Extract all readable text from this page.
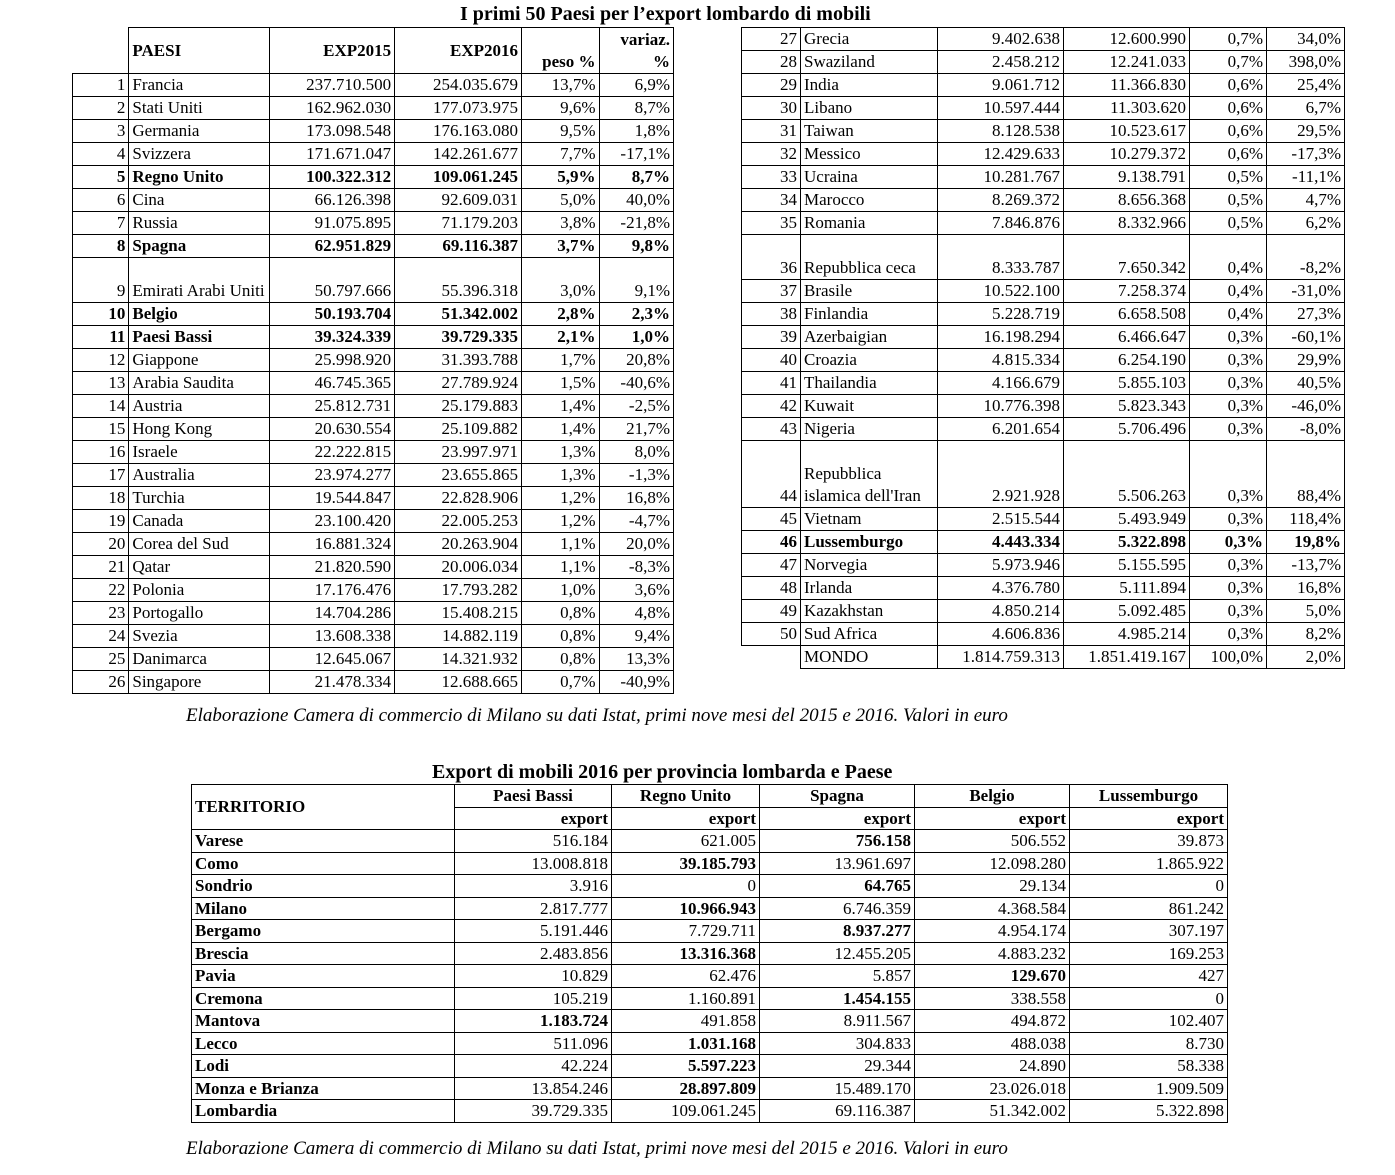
I primi 50 Paesi per l’export lombardo di mobili
	PAESI	EXP2015	EXP2016	peso %	variaz. %
1	Francia	237.710.500	254.035.679	13,7%	6,9%
2	Stati Uniti	162.962.030	177.073.975	9,6%	8,7%
3	Germania	173.098.548	176.163.080	9,5%	1,8%
4	Svizzera	171.671.047	142.261.677	7,7%	-17,1%
5	Regno Unito	100.322.312	109.061.245	5,9%	8,7%
6	Cina	66.126.398	92.609.031	5,0%	40,0%
7	Russia	91.075.895	71.179.203	3,8%	-21,8%
8	Spagna	62.951.829	69.116.387	3,7%	9,8%
9	Emirati Arabi Uniti	50.797.666	55.396.318	3,0%	9,1%
10	Belgio	50.193.704	51.342.002	2,8%	2,3%
11	Paesi Bassi	39.324.339	39.729.335	2,1%	1,0%
12	Giappone	25.998.920	31.393.788	1,7%	20,8%
13	Arabia Saudita	46.745.365	27.789.924	1,5%	-40,6%
14	Austria	25.812.731	25.179.883	1,4%	-2,5%
15	Hong Kong	20.630.554	25.109.882	1,4%	21,7%
16	Israele	22.222.815	23.997.971	1,3%	8,0%
17	Australia	23.974.277	23.655.865	1,3%	-1,3%
18	Turchia	19.544.847	22.828.906	1,2%	16,8%
19	Canada	23.100.420	22.005.253	1,2%	-4,7%
20	Corea del Sud	16.881.324	20.263.904	1,1%	20,0%
21	Qatar	21.820.590	20.006.034	1,1%	-8,3%
22	Polonia	17.176.476	17.793.282	1,0%	3,6%
23	Portogallo	14.704.286	15.408.215	0,8%	4,8%
24	Svezia	13.608.338	14.882.119	0,8%	9,4%
25	Danimarca	12.645.067	14.321.932	0,8%	13,3%
26	Singapore	21.478.334	12.688.665	0,7%	-40,9%
27	Grecia	9.402.638	12.600.990	0,7%	34,0%
28	Swaziland	2.458.212	12.241.033	0,7%	398,0%
29	India	9.061.712	11.366.830	0,6%	25,4%
30	Libano	10.597.444	11.303.620	0,6%	6,7%
31	Taiwan	8.128.538	10.523.617	0,6%	29,5%
32	Messico	12.429.633	10.279.372	0,6%	-17,3%
33	Ucraina	10.281.767	9.138.791	0,5%	-11,1%
34	Marocco	8.269.372	8.656.368	0,5%	4,7%
35	Romania	7.846.876	8.332.966	0,5%	6,2%
36	Repubblica ceca	8.333.787	7.650.342	0,4%	-8,2%
37	Brasile	10.522.100	7.258.374	0,4%	-31,0%
38	Finlandia	5.228.719	6.658.508	0,4%	27,3%
39	Azerbaigian	16.198.294	6.466.647	0,3%	-60,1%
40	Croazia	4.815.334	6.254.190	0,3%	29,9%
41	Thailandia	4.166.679	5.855.103	0,3%	40,5%
42	Kuwait	10.776.398	5.823.343	0,3%	-46,0%
43	Nigeria	6.201.654	5.706.496	0,3%	-8,0%
44	Repubblica islamica dell'Iran	2.921.928	5.506.263	0,3%	88,4%
45	Vietnam	2.515.544	5.493.949	0,3%	118,4%
46	Lussemburgo	4.443.334	5.322.898	0,3%	19,8%
47	Norvegia	5.973.946	5.155.595	0,3%	-13,7%
48	Irlanda	4.376.780	5.111.894	0,3%	16,8%
49	Kazakhstan	4.850.214	5.092.485	0,3%	5,0%
50	Sud Africa	4.606.836	4.985.214	0,3%	8,2%
	MONDO	1.814.759.313	1.851.419.167	100,0%	2,0%
Elaborazione Camera di commercio di Milano su dati Istat, primi nove mesi del 2015 e 2016. Valori in euro
Export di mobili 2016 per provincia lombarda e Paese
TERRITORIO	Paesi Bassi	Regno Unito	Spagna	Belgio	Lussemburgo
	export	export	export	export	export
Varese	516.184	621.005	756.158	506.552	39.873
Como	13.008.818	39.185.793	13.961.697	12.098.280	1.865.922
Sondrio	3.916	0	64.765	29.134	0
Milano	2.817.777	10.966.943	6.746.359	4.368.584	861.242
Bergamo	5.191.446	7.729.711	8.937.277	4.954.174	307.197
Brescia	2.483.856	13.316.368	12.455.205	4.883.232	169.253
Pavia	10.829	62.476	5.857	129.670	427
Cremona	105.219	1.160.891	1.454.155	338.558	0
Mantova	1.183.724	491.858	8.911.567	494.872	102.407
Lecco	511.096	1.031.168	304.833	488.038	8.730
Lodi	42.224	5.597.223	29.344	24.890	58.338
Monza e Brianza	13.854.246	28.897.809	15.489.170	23.026.018	1.909.509
Lombardia	39.729.335	109.061.245	69.116.387	51.342.002	5.322.898
Elaborazione Camera di commercio di Milano su dati Istat, primi nove mesi del 2015 e 2016. Valori in euro
